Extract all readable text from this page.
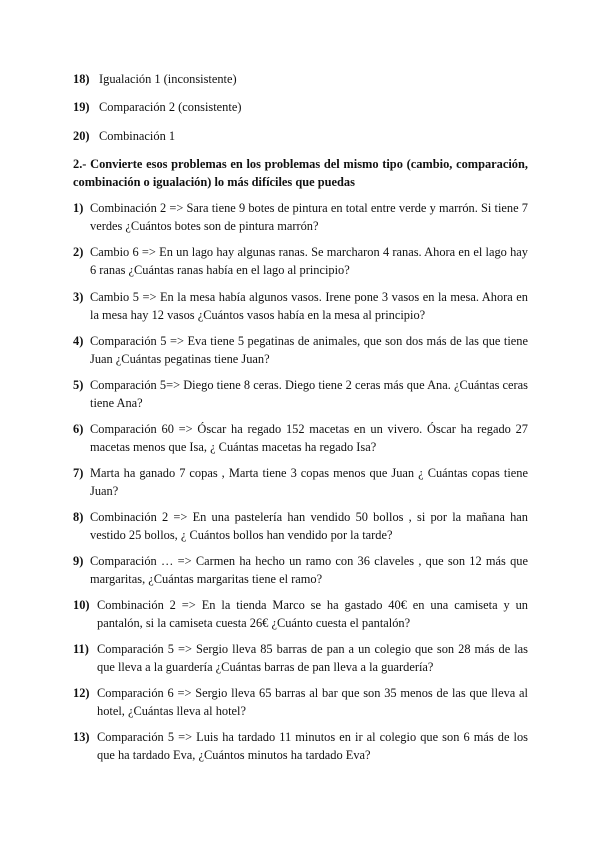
18) Igualación 1 (inconsistente)
19) Comparación 2 (consistente)
20) Combinación 1
2.- Convierte esos problemas en los problemas del mismo tipo (cambio, comparación, combinación o igualación) lo más difíciles que puedas
1) Combinación 2 => Sara tiene 9 botes de pintura en total entre verde y marrón. Si tiene 7 verdes ¿Cuántos botes son de pintura marrón?
2) Cambio 6 => En un lago hay algunas ranas. Se marcharon 4 ranas. Ahora en el lago hay 6 ranas ¿Cuántas ranas había en el lago al principio?
3) Cambio 5 => En la mesa había algunos vasos. Irene pone 3 vasos en la mesa. Ahora en la mesa hay 12 vasos ¿Cuántos vasos había en la mesa al principio?
4) Comparación 5 => Eva tiene 5 pegatinas de animales, que son dos más de las que tiene Juan ¿Cuántas pegatinas tiene Juan?
5) Comparación 5=> Diego tiene 8 ceras. Diego tiene 2 ceras más que Ana. ¿Cuántas ceras tiene Ana?
6) Comparación 60 => Óscar ha regado 152 macetas en un vivero. Óscar ha regado 27 macetas menos que Isa, ¿ Cuántas macetas ha regado Isa?
7) Marta ha ganado 7 copas , Marta tiene 3 copas menos que Juan ¿ Cuántas copas tiene Juan?
8) Combinación 2 => En una pastelería han vendido 50 bollos , si por la mañana han vestido 25 bollos, ¿ Cuántos bollos han vendido por la tarde?
9) Comparación … => Carmen ha hecho un ramo con 36 claveles , que son 12 más que margaritas, ¿Cuántas margaritas tiene el ramo?
10) Combinación 2 => En la tienda Marco se ha gastado 40€ en una camiseta y un pantalón, si la camiseta cuesta 26€ ¿Cuánto cuesta el pantalón?
11) Comparación 5 => Sergio lleva 85 barras de pan a un colegio que son 28 más de las que lleva a la guardería ¿Cuántas barras de pan lleva a la guardería?
12) Comparación 6 => Sergio lleva 65 barras al bar que son 35 menos de las que lleva al hotel, ¿Cuántas lleva al hotel?
13) Comparación 5 => Luis ha tardado 11 minutos en ir al colegio que son 6 más de los que ha tardado Eva, ¿Cuántos minutos ha tardado Eva?
